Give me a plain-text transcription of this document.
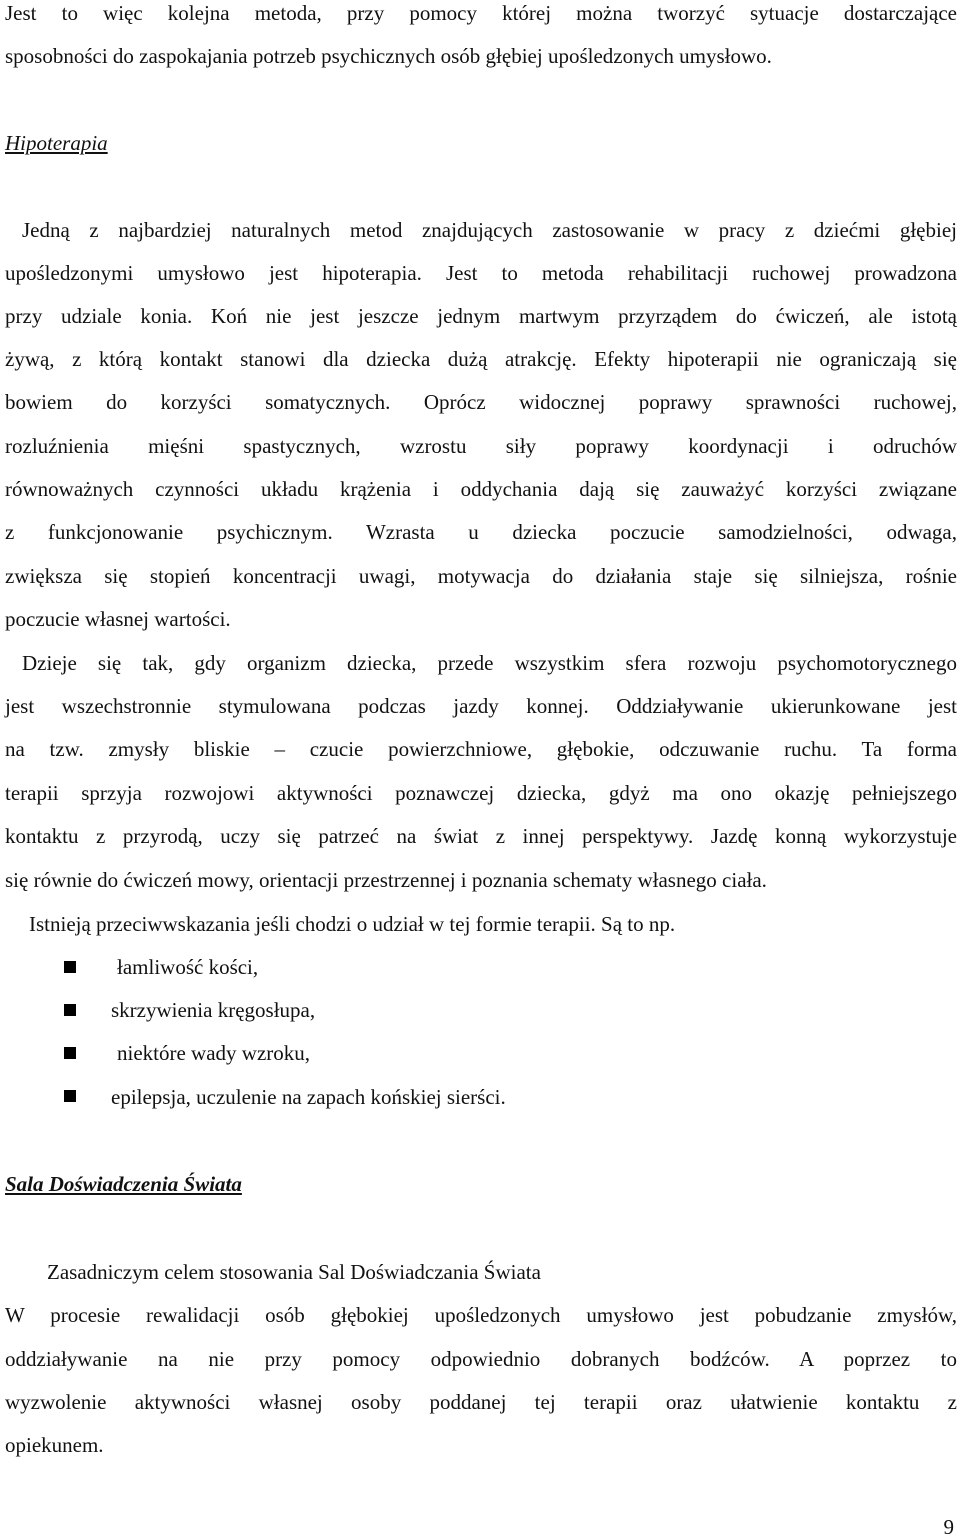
Jest to więc kolejna metoda, przy pomocy której można tworzyć sytuacje dostarczające
sposobności do zaspokajania potrzeb psychicznych osób głębiej upośledzonych umysłowo.
Hipoterapia
Jedną z najbardziej naturalnych metod znajdujących zastosowanie w pracy z dziećmi głębiej
upośledzonymi umysłowo jest hipoterapia. Jest to metoda rehabilitacji ruchowej prowadzona
przy udziale konia. Koń nie jest jeszcze jednym martwym przyrządem do ćwiczeń, ale istotą
żywą, z którą kontakt stanowi dla dziecka dużą atrakcję. Efekty hipoterapii nie ograniczają się
bowiem do korzyści somatycznych. Oprócz widocznej poprawy sprawności ruchowej,
rozluźnienia mięśni spastycznych, wzrostu siły poprawy koordynacji i odruchów
równoważnych czynności układu krążenia i oddychania dają się zauważyć korzyści związane
z funkcjonowanie psychicznym. Wzrasta u dziecka poczucie samodzielności, odwaga,
zwiększa się stopień koncentracji uwagi, motywacja do działania staje się silniejsza, rośnie
poczucie własnej wartości.
Dzieje się tak, gdy organizm dziecka, przede wszystkim sfera rozwoju psychomotorycznego
jest wszechstronnie stymulowana podczas jazdy konnej. Oddziaływanie ukierunkowane jest
na tzw. zmysły bliskie – czucie powierzchniowe, głębokie, odczuwanie ruchu. Ta forma
terapii sprzyja rozwojowi aktywności poznawczej dziecka, gdyż ma ono okazję pełniejszego
kontaktu z przyrodą, uczy się patrzeć na świat z innej perspektywy. Jazdę konną wykorzystuje
się równie do ćwiczeń mowy, orientacji przestrzennej i poznania schematy własnego ciała.
Istnieją przeciwwskazania jeśli chodzi o udział w tej formie terapii. Są to np.
łamliwość kości,
skrzywienia kręgosłupa,
niektóre wady wzroku,
epilepsja, uczulenie na zapach końskiej sierści.
Sala Doświadczenia Świata
Zasadniczym celem stosowania Sal Doświadczania Świata
W procesie rewalidacji osób głębokiej upośledzonych umysłowo jest pobudzanie zmysłów,
oddziaływanie na nie przy pomocy odpowiednio dobranych bodźców. A poprzez to
wyzwolenie aktywności własnej osoby poddanej tej terapii oraz ułatwienie kontaktu z
opiekunem.
9
